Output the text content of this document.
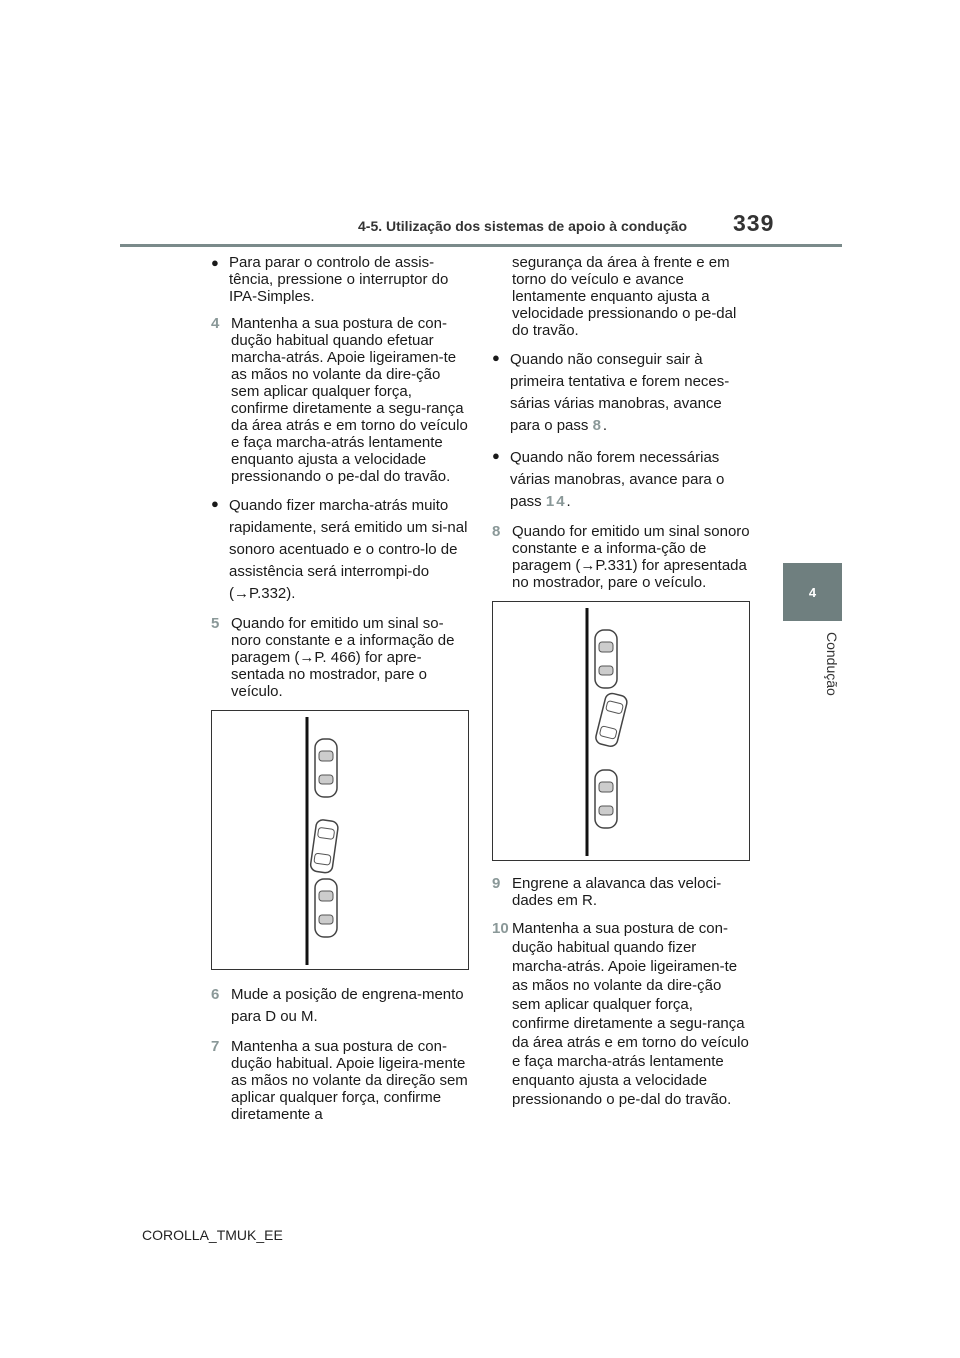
4-5. Utilização dos sistemas de apoio à condução 339
4
Condução
● Para parar o controlo de assis-tência, pressione o interruptor do IPA-Simples.
4 Mantenha a sua postura de con-dução habitual quando efetuar marcha-atrás. Apoie ligeiramen-te as mãos no volante da dire-ção sem aplicar qualquer força, confirme diretamente a segu-rança da área atrás e em torno do veículo e faça marcha-atrás lentamente enquanto ajusta a velocidade pressionando o pe-dal do travão.
● Quando fizer marcha-atrás muito rapidamente, será emitido um si-nal sonoro acentuado e o contro-lo de assistência será interrompi-do (→P.332).
5 Quando for emitido um sinal so-noro constante e a informação de paragem (→P. 466) for apre-sentada no mostrador, pare o veículo.
6 Mude a posição de engrena-mento para D ou M.
7 Mantenha a sua postura de con-dução habitual. Apoie ligeira-mente as mãos no volante da direção sem aplicar qualquer força, confirme diretamente a
segurança da área à frente e em torno do veículo e avance lentamente enquanto ajusta a velocidade pressionando o pe-dal do travão.
● Quando não conseguir sair à primeira tentativa e forem neces-sárias várias manobras, avance para o pass 8.
● Quando não forem necessárias várias manobras, avance para o pass 14.
8 Quando for emitido um sinal sonoro constante e a informa-ção de paragem (→P.331) for apresentada no mostrador, pare o veículo.
9 Engrene a alavanca das veloci-dades em R.
10 Mantenha a sua postura de con-dução habitual quando fizer marcha-atrás. Apoie ligeiramen-te as mãos no volante da dire-ção sem aplicar qualquer força, confirme diretamente a segu-rança da área atrás e em torno do veículo e faça marcha-atrás lentamente enquanto ajusta a velocidade pressionando o pe-dal do travão.
COROLLA_TMUK_EE
